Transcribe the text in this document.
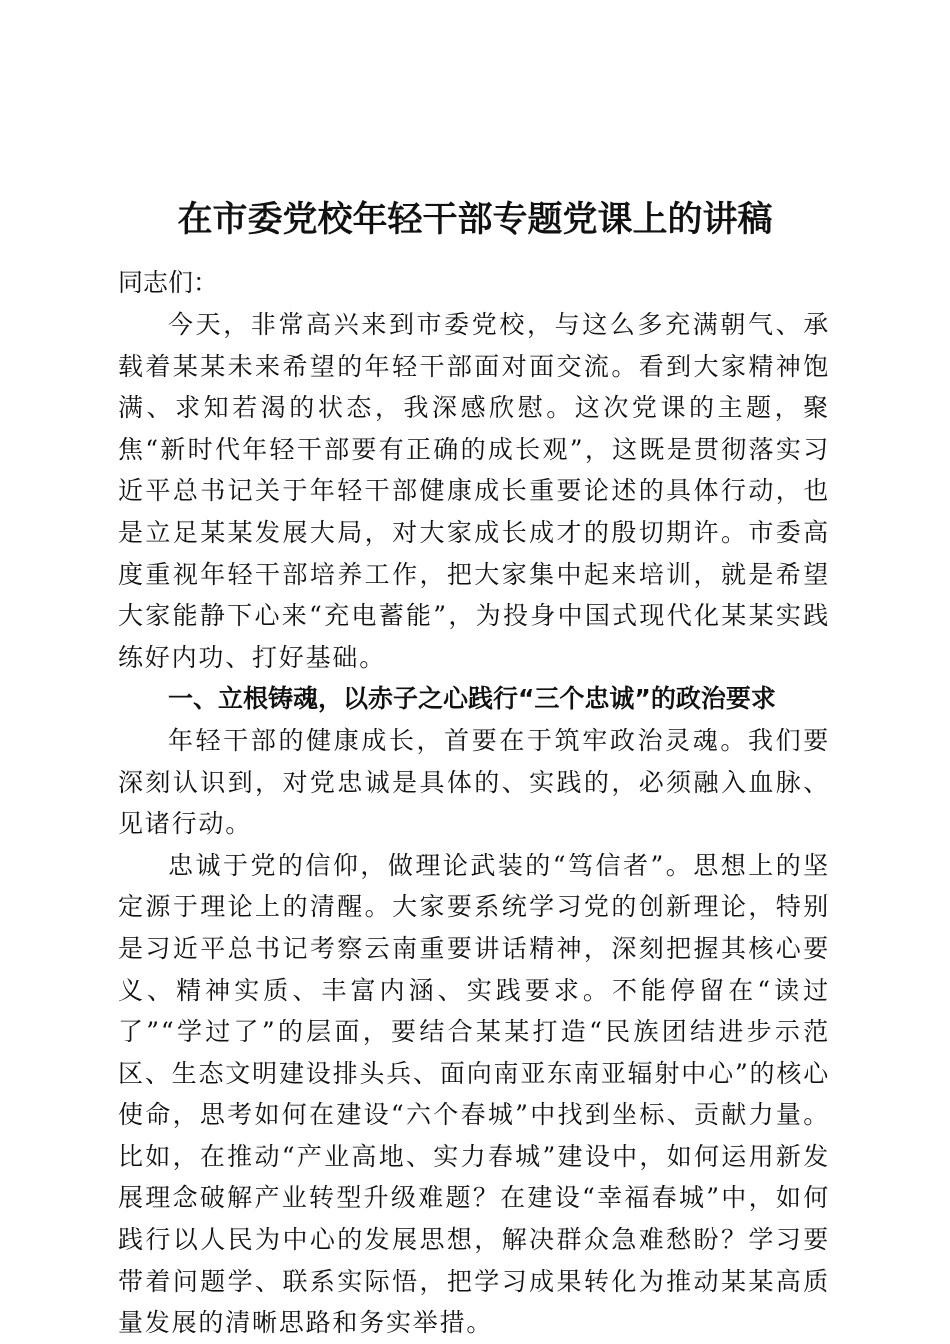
在市委党校年轻干部专题党课上的讲稿

同志们：

今天，非常高兴来到市委党校，与这么多充满朝气、承载着某某未来希望的年轻干部面对面交流。看到大家精神饱满、求知若渴的状态，我深感欣慰。这次党课的主题，聚焦“新时代年轻干部要有正确的成长观”，这既是贯彻落实习近平总书记关于年轻干部健康成长重要论述的具体行动，也是立足某某发展大局，对大家成长成才的殷切期许。市委高度重视年轻干部培养工作，把大家集中起来培训，就是希望大家能静下心来“充电蓄能”，为投身中国式现代化某某实践练好内功、打好基础。

一、立根铸魂，以赤子之心践行“三个忠诚”的政治要求

年轻干部的健康成长，首要在于筑牢政治灵魂。我们要深刻认识到，对党忠诚是具体的、实践的，必须融入血脉、见诸行动。

忠诚于党的信仰，做理论武装的“笃信者”。思想上的坚定源于理论上的清醒。大家要系统学习党的创新理论，特别是习近平总书记考察云南重要讲话精神，深刻把握其核心要义、精神实质、丰富内涵、实践要求。不能停留在“读过了”“学过了”的层面，要结合某某打造“民族团结进步示范区、生态文明建设排头兵、面向南亚东南亚辐射中心”的核心使命，思考如何在建设“六个春城”中找到坐标、贡献力量。比如，在推动“产业高地、实力春城”建设中，如何运用新发展理念破解产业转型升级难题？在建设“幸福春城”中，如何践行以人民为中心的发展思想，解决群众急难愁盼？学习要带着问题学、联系实际悟，把学习成果转化为推动某某高质量发展的清晰思路和务实举措。
